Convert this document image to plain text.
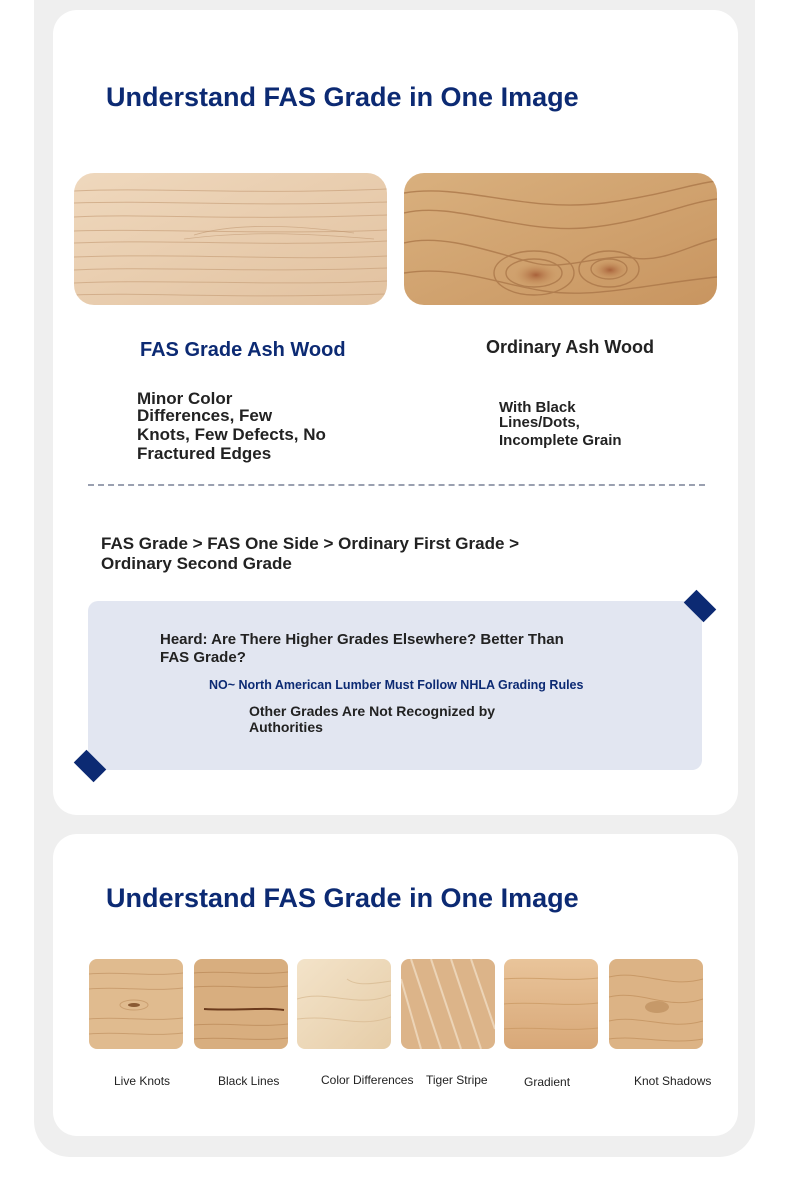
Understand FAS Grade in One Image
FAS Grade Ash Wood	Ordinary Ash Wood
Minor Color
Differences, Few
Knots, Few Defects, No
Fractured Edges
With Black
Lines/Dots,
Incomplete Grain
FAS Grade > FAS One Side > Ordinary First Grade >
Ordinary Second Grade
Heard: Are There Higher Grades Elsewhere? Better Than
FAS Grade?
NO~ North American Lumber Must Follow NHLA Grading Rules
Other Grades Are Not Recognized by
Authorities
Understand FAS Grade in One Image
Live Knots	Black Lines	Color Differences Tiger Stripe	Gradient	Knot Shadows
